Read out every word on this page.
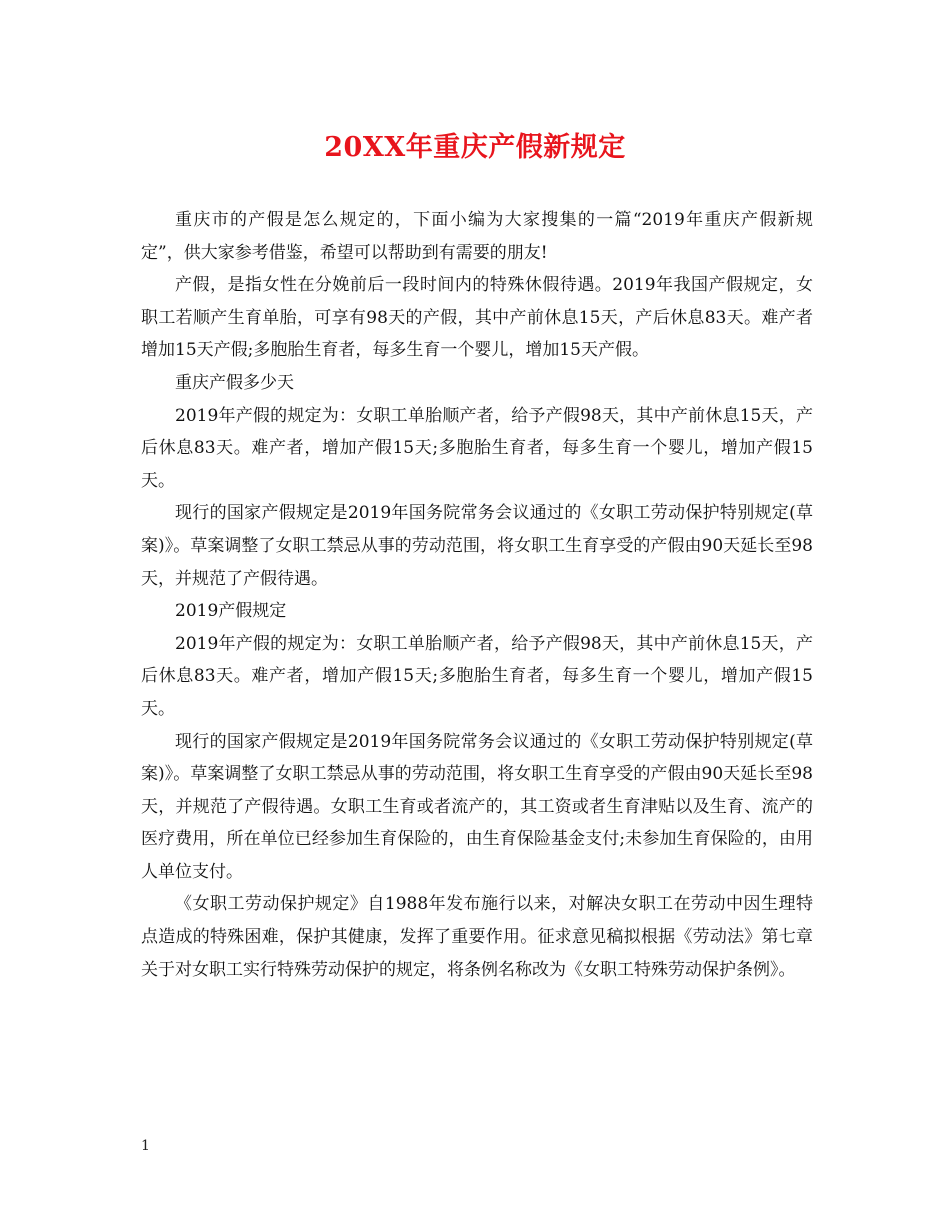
20XX年重庆产假新规定

重庆市的产假是怎么规定的，下面小编为大家搜集的一篇“2019年重庆产假新规定”，供大家参考借鉴，希望可以帮助到有需要的朋友!

产假，是指女性在分娩前后一段时间内的特殊休假待遇。2019年我国产假规定，女职工若顺产生育单胎，可享有98天的产假，其中产前休息15天，产后休息83天。难产者增加15天产假;多胞胎生育者，每多生育一个婴儿，增加15天产假。

重庆产假多少天

2019年产假的规定为：女职工单胎顺产者，给予产假98天，其中产前休息15天，产后休息83天。难产者，增加产假15天;多胞胎生育者，每多生育一个婴儿，增加产假15天。

现行的国家产假规定是2019年国务院常务会议通过的《女职工劳动保护特别规定(草案)》。草案调整了女职工禁忌从事的劳动范围，将女职工生育享受的产假由90天延长至98天，并规范了产假待遇。

2019产假规定

2019年产假的规定为：女职工单胎顺产者，给予产假98天，其中产前休息15天，产后休息83天。难产者，增加产假15天;多胞胎生育者，每多生育一个婴儿，增加产假15天。

现行的国家产假规定是2019年国务院常务会议通过的《女职工劳动保护特别规定(草案)》。草案调整了女职工禁忌从事的劳动范围，将女职工生育享受的产假由90天延长至98天，并规范了产假待遇。女职工生育或者流产的，其工资或者生育津贴以及生育、流产的医疗费用，所在单位已经参加生育保险的，由生育保险基金支付;未参加生育保险的，由用人单位支付。

《女职工劳动保护规定》自1988年发布施行以来，对解决女职工在劳动中因生理特点造成的特殊困难，保护其健康，发挥了重要作用。征求意见稿拟根据《劳动法》第七章关于对女职工实行特殊劳动保护的规定，将条例名称改为《女职工特殊劳动保护条例》。

1
